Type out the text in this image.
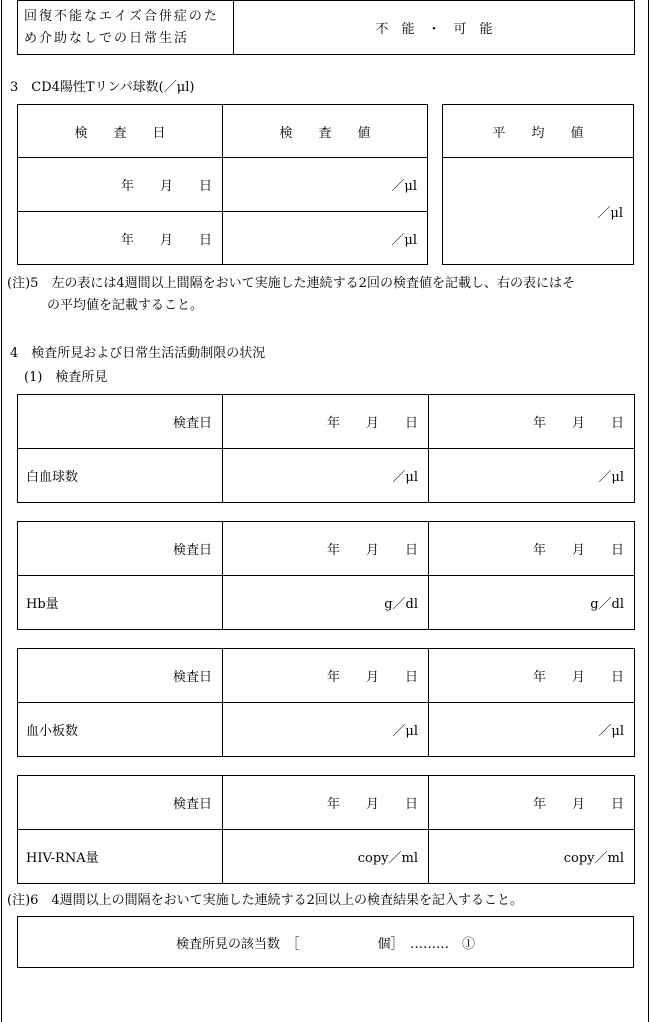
回復不能なエイズ合併症のため介助なしでの日常生活	不　能　・　可　能
3　CD4陽性Tリンパ球数(／μl)
検　　査　　日	検　　査　　値
年　　月　　日	／μl
年　　月　　日	／μl
平　　均　　値
／μl
(注)5　左の表には4週間以上間隔をおいて実施した連続する2回の検査値を記載し、右の表にはそ
の平均値を記載すること。
4　検査所見および日常生活活動制限の状況
(1)　検査所見
検査日	年　　月　　日	年　　月　　日
白血球数	／μl	／μl
検査日	年　　月　　日	年　　月　　日
Hb量	g／dl	g／dl
検査日	年　　月　　日	年　　月　　日
血小板数	／μl	／μl
検査日	年　　月　　日	年　　月　　日
HIV-RNA量	copy／ml	copy／ml
(注)6　4週間以上の間隔をおいて実施した連続する2回以上の検査結果を記入すること。
検査所見の該当数　［　　　　　　個］　………　①
